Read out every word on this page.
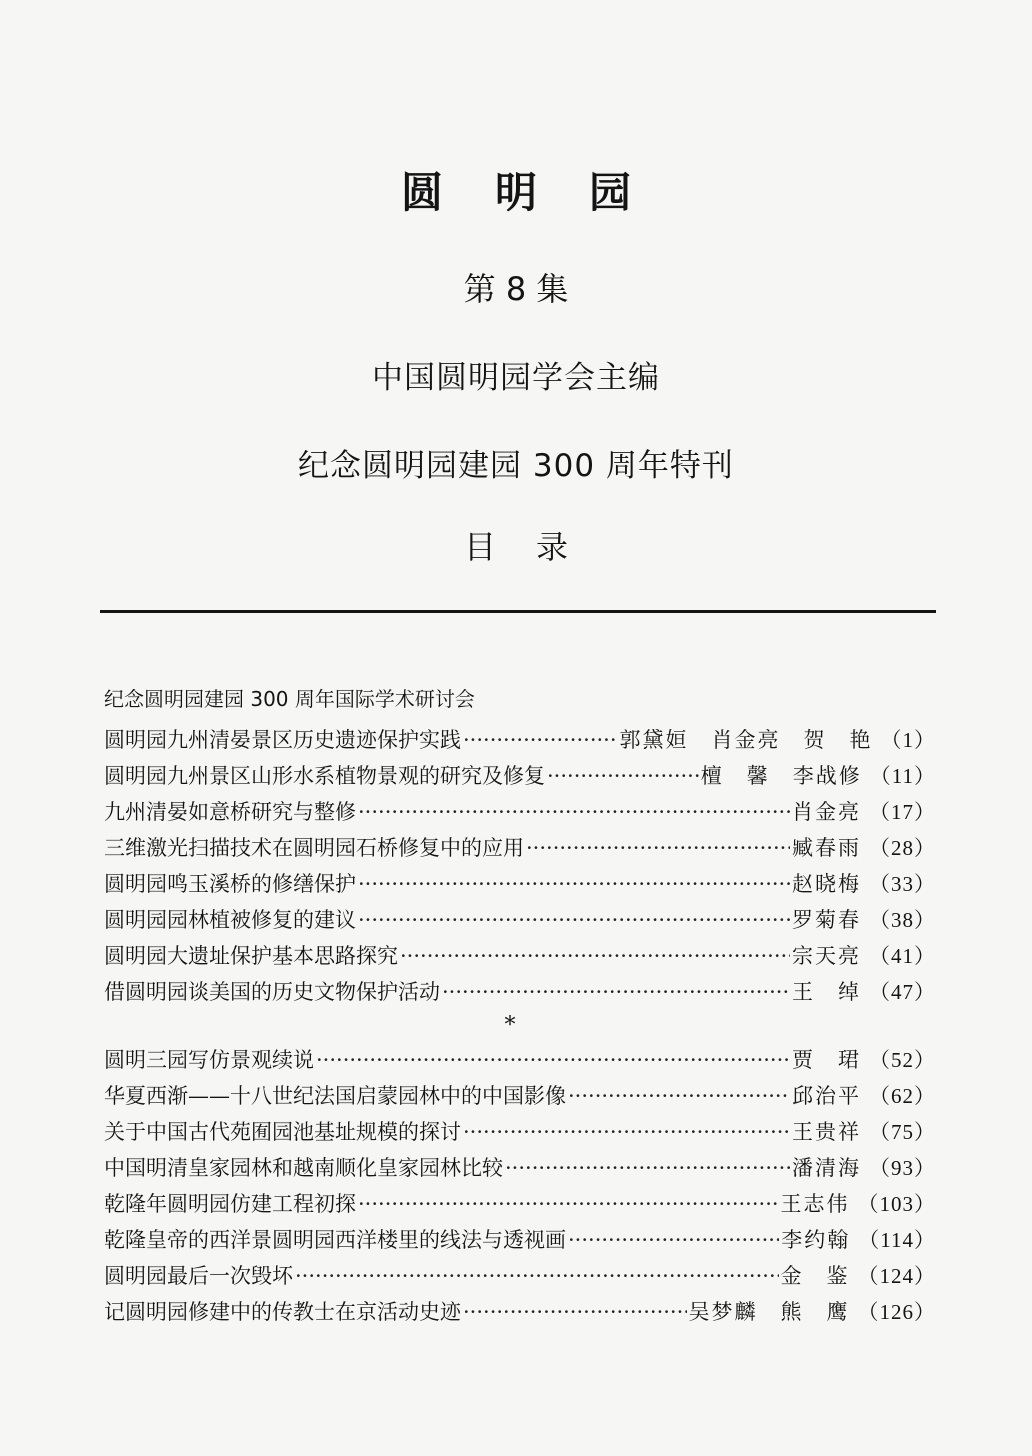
圆明园
第 8 集
中国圆明园学会主编
纪念圆明园建园 300 周年特刊
目录
纪念圆明园建园 300 周年国际学术研讨会
圆明园九州清晏景区历史遗迹保护实践 ·····	郭黛姮　肖金亮　贺　艳 （1）
圆明园九州景区山形水系植物景观的研究及修复 ·····	檀　馨　李战修 （11）
九州清晏如意桥研究与整修 ·····	肖金亮 （17）
三维激光扫描技术在圆明园石桥修复中的应用 ·····	臧春雨 （28）
圆明园鸣玉溪桥的修缮保护 ·····	赵晓梅 （33）
圆明园园林植被修复的建议 ·····	罗菊春 （38）
圆明园大遗址保护基本思路探究 ·····	宗天亮 （41）
借圆明园谈美国的历史文物保护活动 ·····	王　绰 （47）
*
圆明三园写仿景观续说 ·····	贾　珺 （52）
华夏西渐——十八世纪法国启蒙园林中的中国影像 ·····	邱治平 （62）
关于中国古代苑囿园池基址规模的探讨 ·····	王贵祥 （75）
中国明清皇家园林和越南顺化皇家园林比较 ·····	潘清海 （93）
乾隆年圆明园仿建工程初探 ·····	王志伟 （103）
乾隆皇帝的西洋景圆明园西洋楼里的线法与透视画 ·····	李约翰 （114）
圆明园最后一次毁坏 ·····	金　鉴 （124）
记圆明园修建中的传教士在京活动史迹 ·····	吴梦麟　熊　鹰 （126）
